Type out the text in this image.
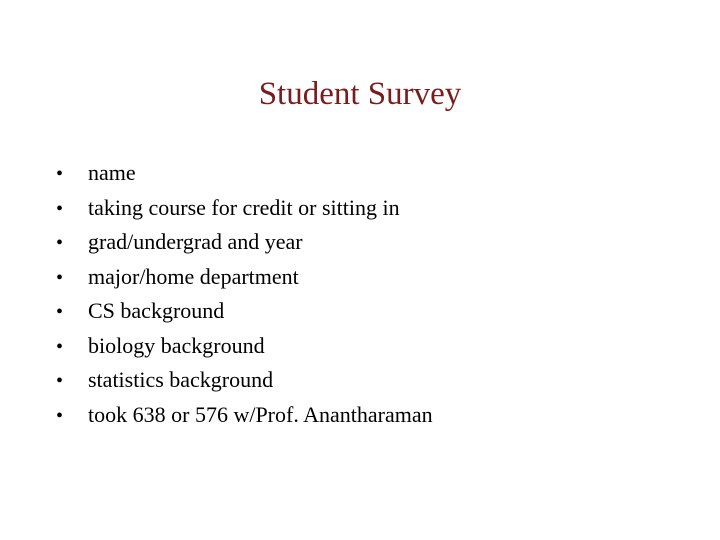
Student Survey
•	name
•	taking course for credit or sitting in
•	grad/undergrad and year
•	major/home department
•	CS background
•	biology background
•	statistics background
•	took 638 or 576 w/Prof. Anantharaman
